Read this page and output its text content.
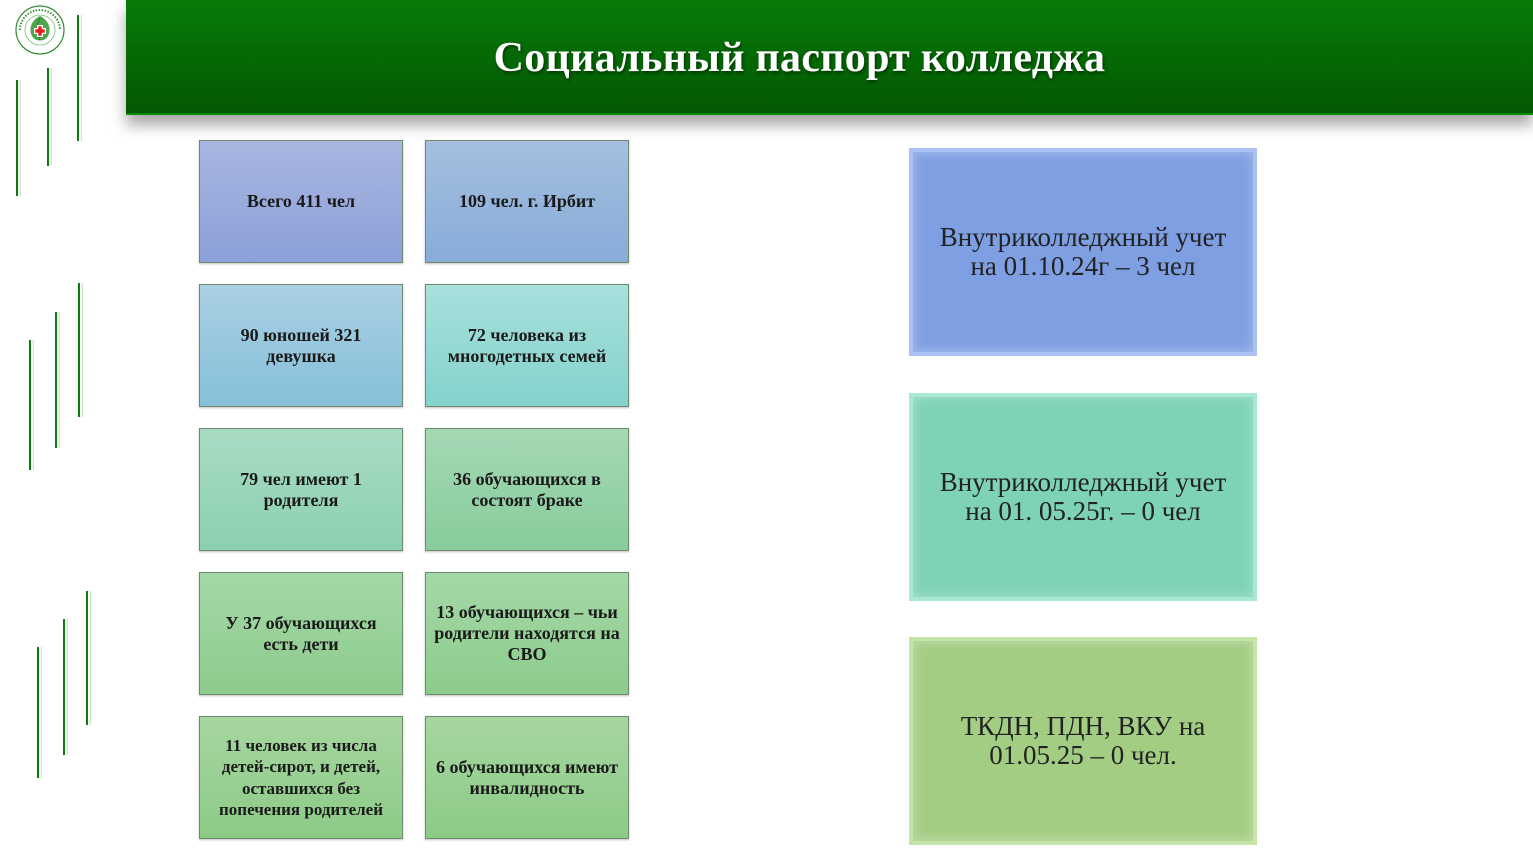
Социальный паспорт колледжа
Всего 411 чел	109 чел. г. Ирбит
90 юношей 321 девушка
72 человека из многодетных семей
79 чел имеют 1 родителя
36 обучающихся в состоят браке
У 37 обучающихся есть дети
13 обучающихся – чьи родители находятся на СВО
11 человек из числа детей-сирот, и детей, оставшихся без попечения родителей
6 обучающихся имеют инвалидность
Внутриколледжный учет на 01.10.24г – 3 чел
Внутриколледжный учет на 01. 05.25г. – 0 чел
ТКДН, ПДН, ВКУ на 01.05.25 – 0 чел.
